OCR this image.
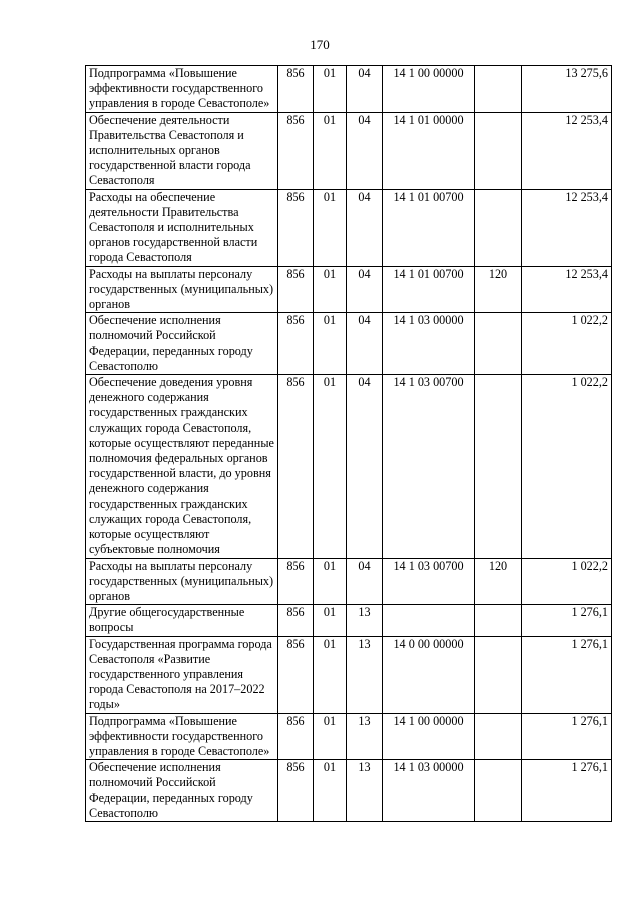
170
Подпрограмма «Повышение эффективности государственного управления в городе Севастополе»	856	01	04	14 1 00 00000		13 275,6
Обеспечение деятельности Правительства Севастополя и исполнительных органов государственной власти города Севастополя	856	01	04	14 1 01 00000		12 253,4
Расходы на обеспечение деятельности Правительства Севастополя и исполнительных органов государственной власти города Севастополя	856	01	04	14 1 01 00700		12 253,4
Расходы на выплаты персоналу государственных (муниципальных) органов	856	01	04	14 1 01 00700	120	12 253,4
Обеспечение исполнения полномочий Российской Федерации, переданных городу Севастополю	856	01	04	14 1 03 00000		1 022,2
Обеспечение доведения уровня денежного содержания государственных гражданских служащих города Севастополя, которые осуществляют переданные полномочия федеральных органов государственной власти, до уровня денежного содержания государственных гражданских служащих города Севастополя, которые осуществляют субъектовые полномочия	856	01	04	14 1 03 00700		1 022,2
Расходы на выплаты персоналу государственных (муниципальных) органов	856	01	04	14 1 03 00700	120	1 022,2
Другие общегосударственные вопросы	856	01	13			1 276,1
Государственная программа города Севастополя «Развитие государственного управления города Севастополя на 2017–2022 годы»	856	01	13	14 0 00 00000		1 276,1
Подпрограмма «Повышение эффективности государственного управления в городе Севастополе»	856	01	13	14 1 00 00000		1 276,1
Обеспечение исполнения полномочий Российской Федерации, переданных городу Севастополю	856	01	13	14 1 03 00000		1 276,1
